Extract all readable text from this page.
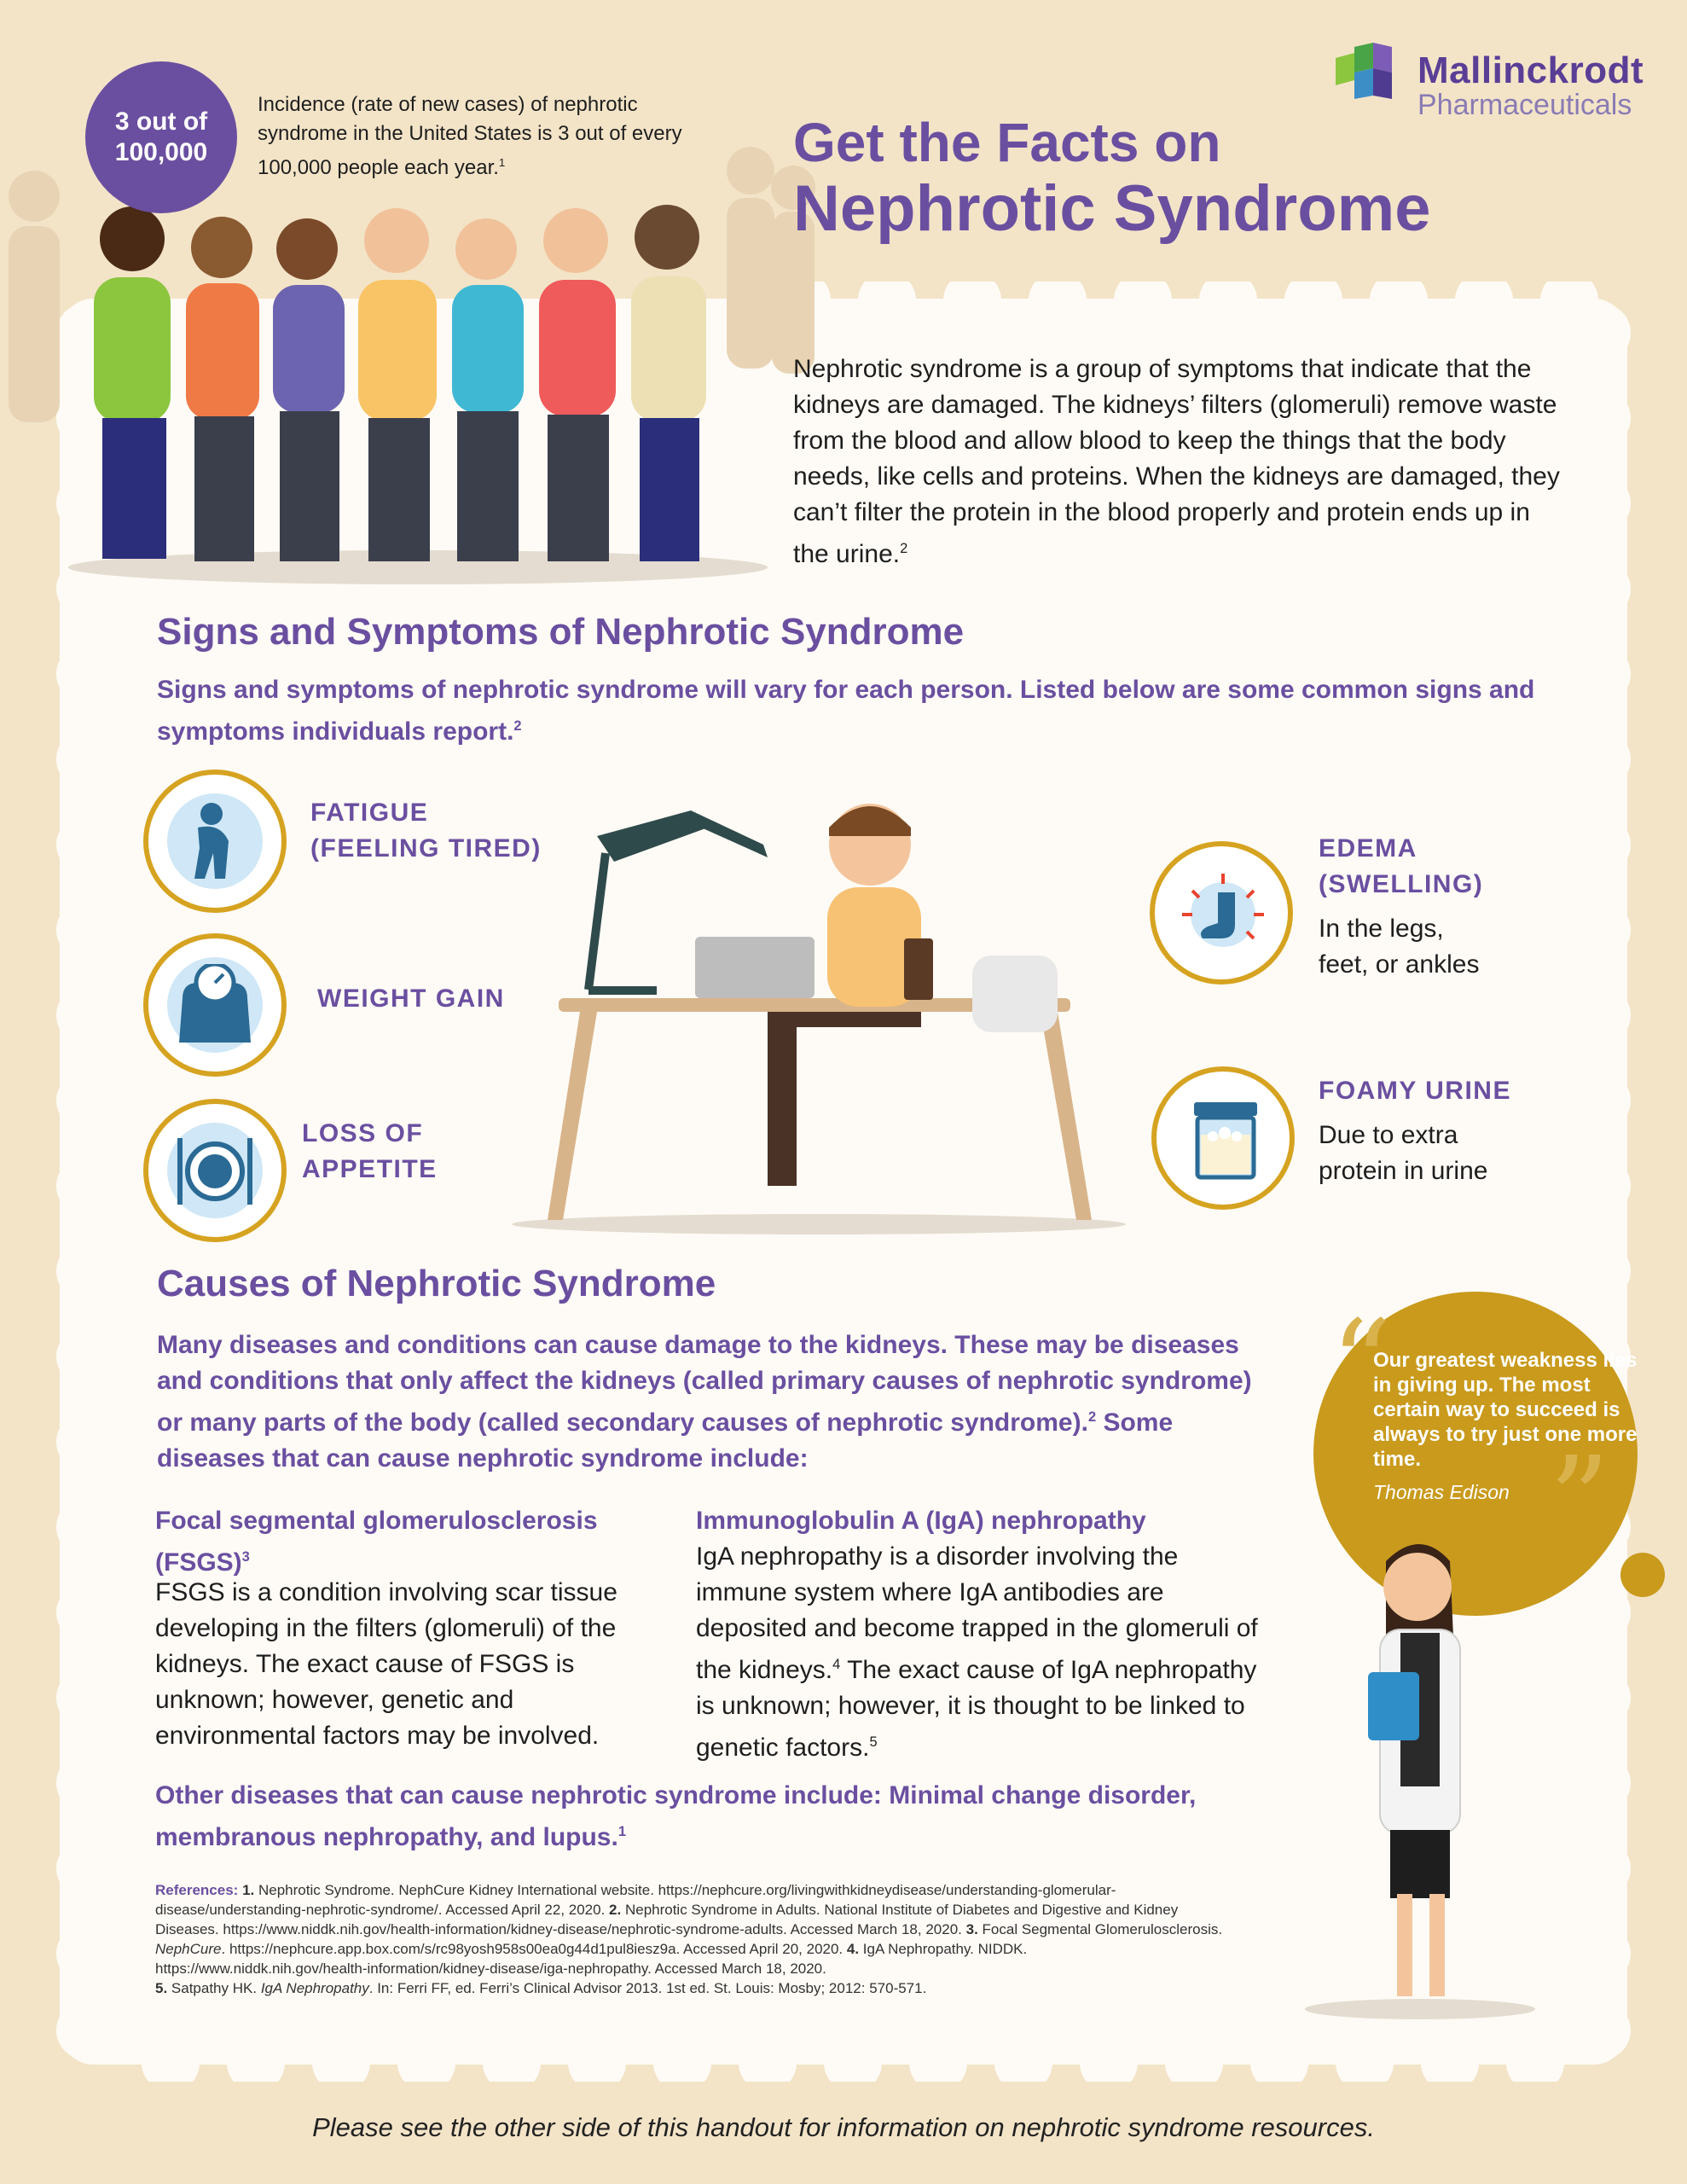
3 out of
100,000
Incidence (rate of new cases) of nephrotic syndrome in the United States is 3 out of every 100,000 people each year.$^1$
Mallinckrodt
Pharmaceuticals
Get the Facts on
Nephrotic Syndrome
Nephrotic syndrome is a group of symptoms that indicate that the kidneys are damaged. The kidneys’ filters (glomeruli) remove waste from the blood and allow blood to keep the things that the body needs, like cells and proteins. When the kidneys are damaged, they can’t filter the protein in the blood properly and protein ends up in the urine.$^2$
Signs and Symptoms of Nephrotic Syndrome
Signs and symptoms of nephrotic syndrome will vary for each person. Listed below are some common signs and symptoms individuals report.$^2$
FATIGUE
(FEELING TIRED)
WEIGHT GAIN
LOSS OF
APPETITE
EDEMA
(SWELLING)
In the legs,
feet, or ankles
FOAMY URINE
Due to extra
protein in urine
Causes of Nephrotic Syndrome
Many diseases and conditions can cause damage to the kidneys. These may be diseases and conditions that only affect the kidneys (called primary causes of nephrotic syndrome) or many parts of the body (called secondary causes of nephrotic syndrome).$^2$ Some diseases that can cause nephrotic syndrome include:
Focal segmental glomerulosclerosis (FSGS)$^3$
FSGS is a condition involving scar tissue developing in the filters (glomeruli) of the kidneys. The exact cause of FSGS is unknown; however, genetic and environmental factors may be involved.
Immunoglobulin A (IgA) nephropathy
IgA nephropathy is a disorder involving the immune system where IgA antibodies are deposited and become trapped in the glomeruli of the kidneys.$^4$ The exact cause of IgA nephropathy is unknown; however, it is thought to be linked to genetic factors.$^5$
Other diseases that can cause nephrotic syndrome include: Minimal change disorder, membranous nephropathy, and lupus.$^1$
References: 1. Nephrotic Syndrome. NephCure Kidney International website. https://nephcure.org/livingwithkidneydisease/understanding-glomerular-disease/understanding-nephrotic-syndrome/. Accessed April 22, 2020. 2. Nephrotic Syndrome in Adults. National Institute of Diabetes and Digestive and Kidney Diseases. https://www.niddk.nih.gov/health-information/kidney-disease/nephrotic-syndrome-adults. Accessed March 18, 2020. 3. Focal Segmental Glomerulosclerosis. NephCure. https://nephcure.app.box.com/s/rc98yosh958s00ea0g44d1pul8iesz9a. Accessed April 20, 2020. 4. IgA Nephropathy. NIDDK. https://www.niddk.nih.gov/health-information/kidney-disease/iga-nephropathy. Accessed March 18, 2020.
5. Satpathy HK. IgA Nephropathy. In: Ferri FF, ed. Ferri’s Clinical Advisor 2013. 1st ed. St. Louis: Mosby; 2012: 570-571.
“
”
Our greatest weakness lies in giving up. The most certain way to succeed is always to try just one more time.
Thomas Edison
Please see the other side of this handout for information on nephrotic syndrome resources.
